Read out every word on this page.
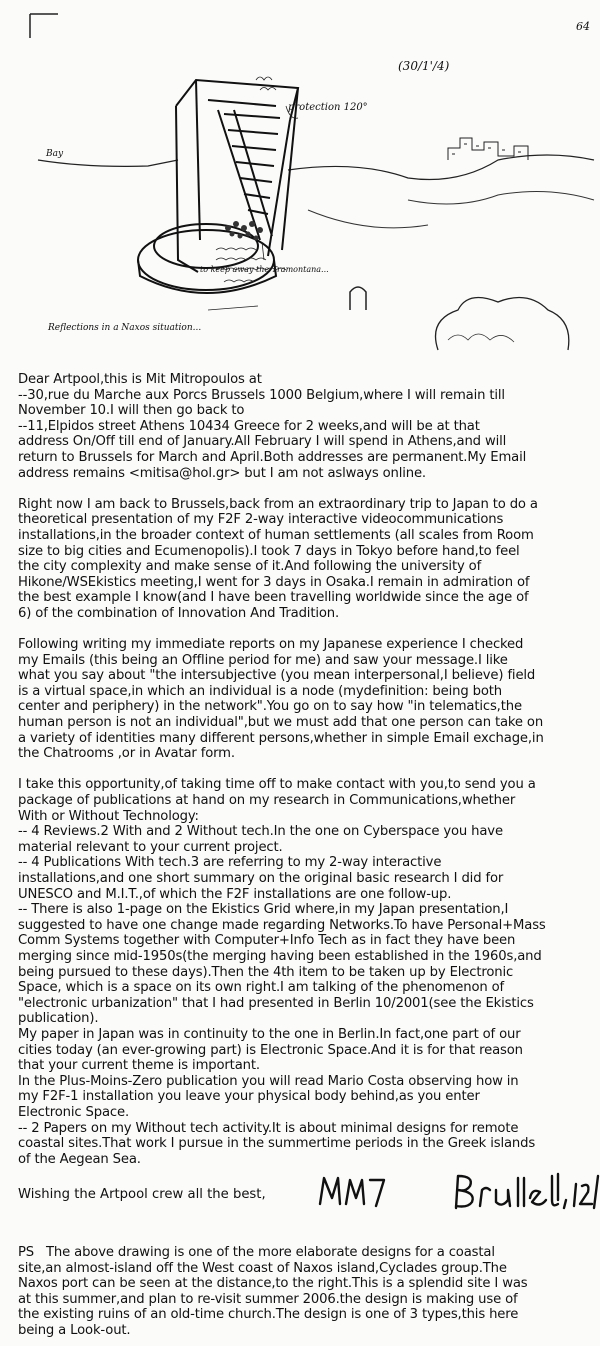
protection 120°
to keep away the Tramontana...
Bay
(30/1'/4)
Reflections in a Naxos situation...
64

Dear Artpool,this is Mit Mitropoulos at
--30,rue du Marche aux Porcs Brussels 1000 Belgium,where I will remain till
November 10.I will then go back to
--11,Elpidos street Athens 10434 Greece for 2 weeks,and will be at that
address On/Off till end of January.All February I will spend in Athens,and will
return to Brussels for March and April.Both addresses are permanent.My Email
address remains <mitisa@hol.gr> but I am not aslways online.

Right now I am back to Brussels,back from an extraordinary trip to Japan to do a
theoretical presentation of my F2F 2-way interactive videocommunications
installations,in the broader context of human settlements (all scales from Room
size to big cities and Ecumenopolis).I took 7 days in Tokyo before hand,to feel
the city complexity and make sense of it.And following the university of
Hikone/WSEkistics meeting,I went for 3 days in Osaka.I remain in admiration of
the best example I know(and I have been travelling worldwide since the age of
6) of the combination of Innovation And Tradition.

Following writing my immediate reports on my Japanese experience I checked
my Emails (this being an Offline period for me) and saw your message.I like
what you say about "the intersubjective (you mean interpersonal,I believe) field
is a virtual space,in which an individual is a node (mydefinition: being both
center and periphery) in the network".You go on to say how "in telematics,the
human person is not an individual",but we must add that one person can take on
a variety of identities many different persons,whether in simple Email exchage,in
the Chatrooms ,or in Avatar form.

I take this opportunity,of taking time off to make contact with you,to send you a
package of publications at hand on my research in Communications,whether
With or Without Technology:
-- 4 Reviews.2 With and 2 Without tech.In the one on Cyberspace you have
material relevant to your current project.
-- 4 Publications With tech.3 are referring to my 2-way interactive
installations,and one short summary on the original basic research I did for
UNESCO and M.I.T.,of which the F2F installations are one follow-up.
-- There is also 1-page on the Ekistics Grid where,in my Japan presentation,I
suggested to have one change made regarding Networks.To have Personal+Mass
Comm Systems together with Computer+Info Tech as in fact they have been
merging since mid-1950s(the merging having been established in the 1960s,and
being pursued to these days).Then the 4th item to be taken up by Electronic
Space, which is a space on its own right.I am talking of the phenomenon of
"electronic urbanization" that I had presented in Berlin 10/2001(see the Ekistics
publication).
My paper in Japan was in continuity to the one in Berlin.In fact,one part of our
cities today (an ever-growing part) is Electronic Space.And it is for that reason
that your current theme is important.
In the Plus-Moins-Zero publication you will read Mario Costa observing how in
my F2F-1 installation you leave your physical body behind,as you enter
Electronic Space.
-- 2 Papers on my Without tech activity.It is about minimal designs for remote
coastal sites.That work I pursue in the summertime periods in the Greek islands
of the Aegean Sea.

Wishing the Artpool crew all the best,
PS The above drawing is one of the more elaborate designs for a coastal
site,an almost-island off the West coast of Naxos island,Cyclades group.The
Naxos port can be seen at the distance,to the right.This is a splendid site I was
at this summer,and plan to re-visit summer 2006.the design is making use of
the existing ruins of an old-time church.The design is one of 3 types,this here
being a Look-out.
